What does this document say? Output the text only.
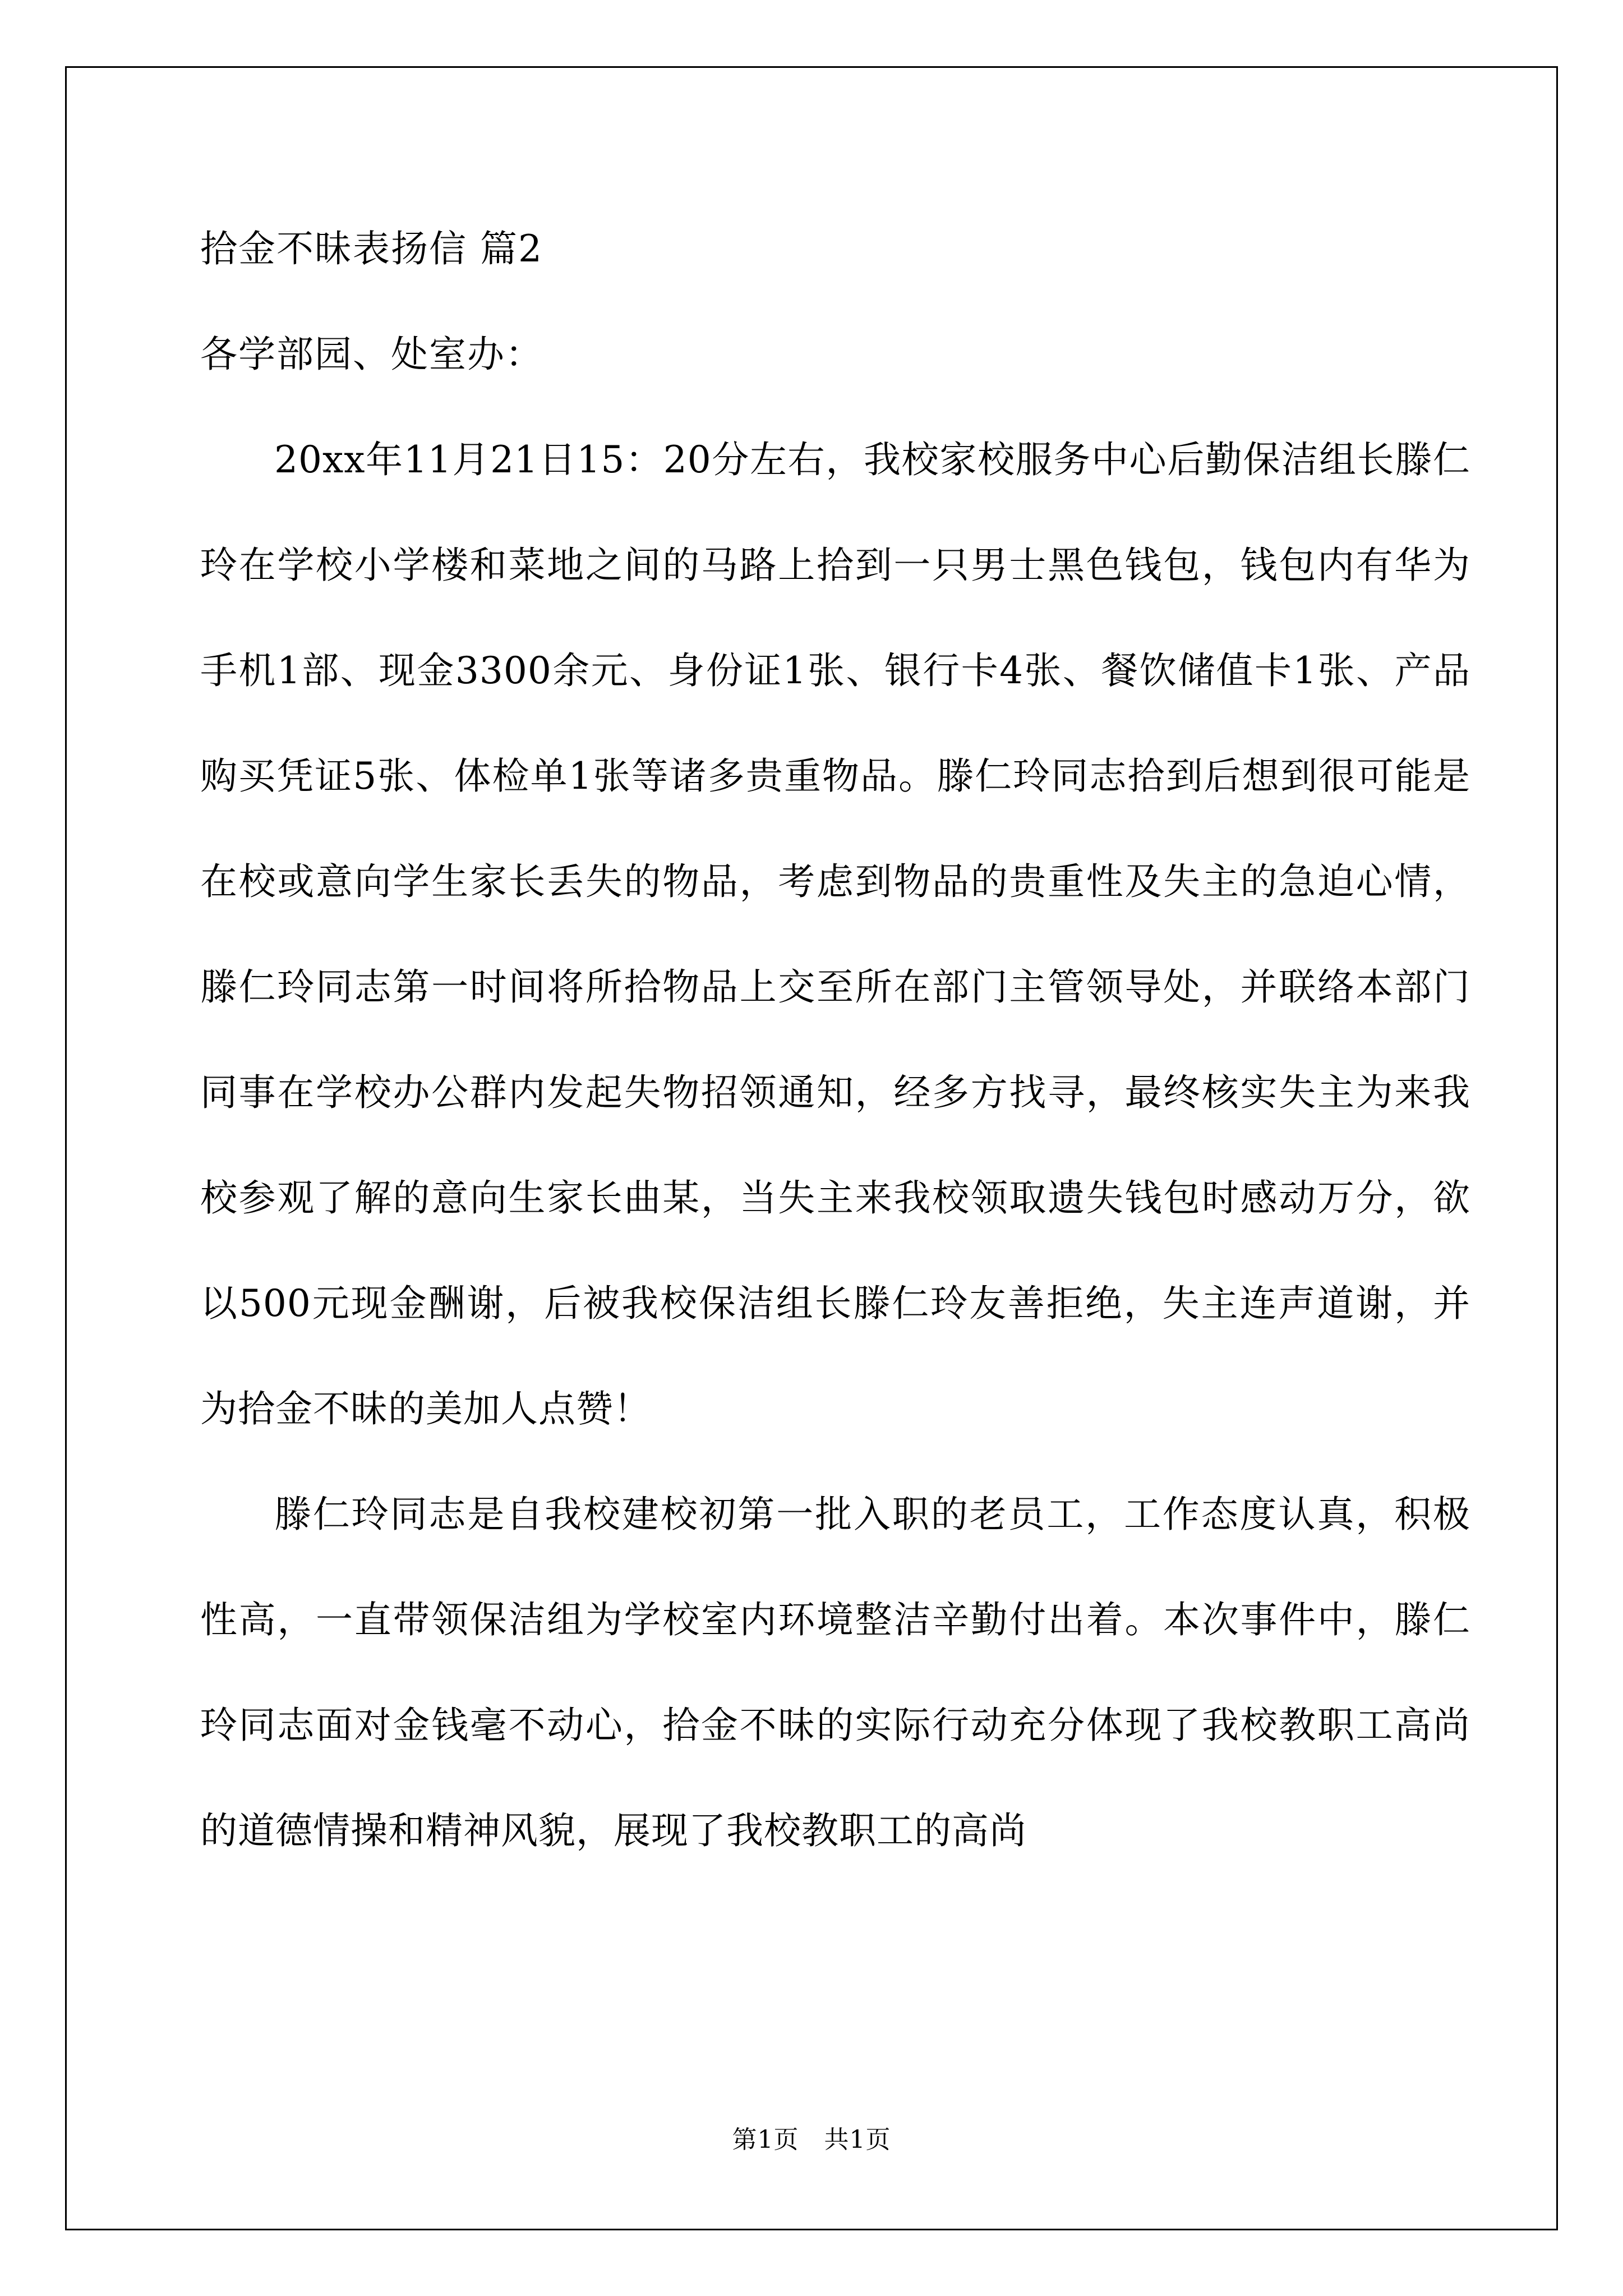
拾金不昧表扬信 篇2

各学部园、处室办：

20xx年11月21日15：20分左右，我校家校服务中心后勤保洁组长滕仁玲在学校小学楼和菜地之间的马路上拾到一只男士黑色钱包，钱包内有华为手机1部、现金3300余元、身份证1张、银行卡4张、餐饮储值卡1张、产品购买凭证5张、体检单1张等诸多贵重物品。滕仁玲同志拾到后想到很可能是在校或意向学生家长丢失的物品，考虑到物品的贵重性及失主的急迫心情，滕仁玲同志第一时间将所拾物品上交至所在部门主管领导处，并联络本部门同事在学校办公群内发起失物招领通知，经多方找寻，最终核实失主为来我校参观了解的意向生家长曲某，当失主来我校领取遗失钱包时感动万分，欲以500元现金酬谢，后被我校保洁组长滕仁玲友善拒绝，失主连声道谢，并为拾金不昧的美加人点赞！

滕仁玲同志是自我校建校初第一批入职的老员工，工作态度认真，积极性高，一直带领保洁组为学校室内环境整洁辛勤付出着。本次事件中，滕仁玲同志面对金钱毫不动心，拾金不昧的实际行动充分体现了我校教职工高尚的道德情操和精神风貌，展现了我校教职工的高尚

第1页　共1页
